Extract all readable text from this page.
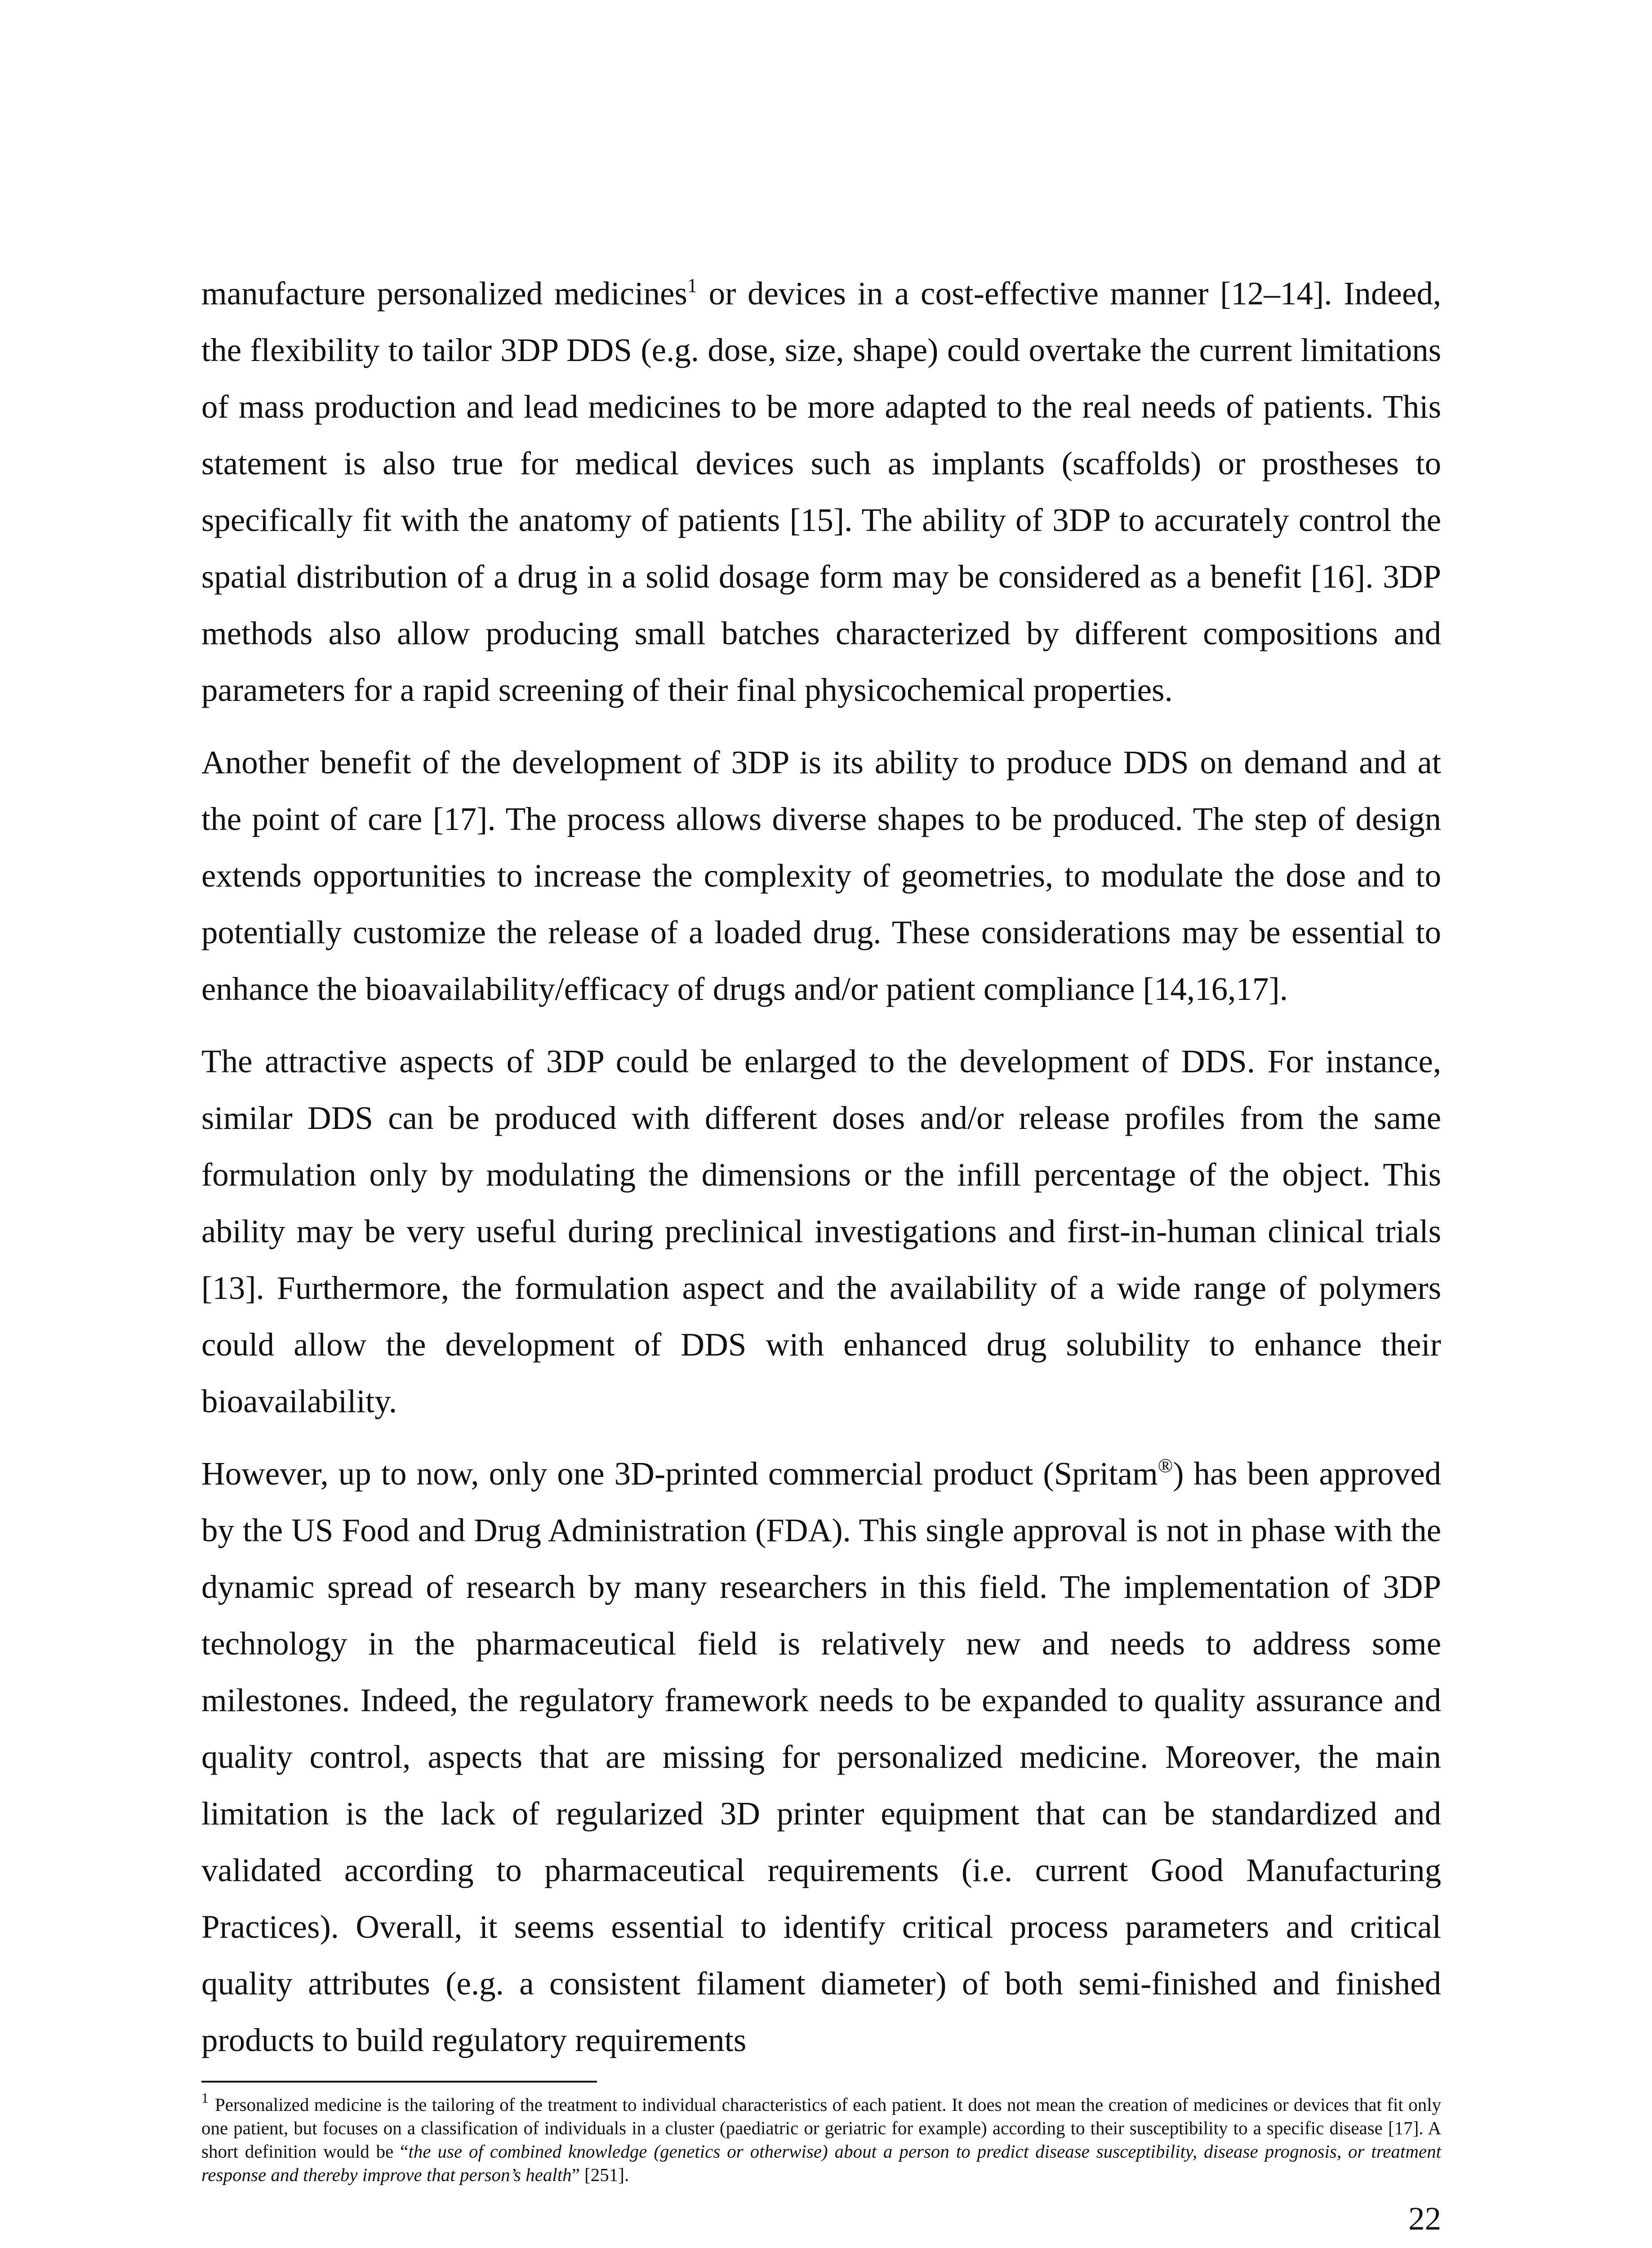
manufacture personalized medicines$^1$ or devices in a cost-effective manner [12–14]. Indeed, the flexibility to tailor 3DP DDS (e.g. dose, size, shape) could overtake the current limitations of mass production and lead medicines to be more adapted to the real needs of patients. This statement is also true for medical devices such as implants (scaffolds) or prostheses to specifically fit with the anatomy of patients [15]. The ability of 3DP to accurately control the spatial distribution of a drug in a solid dosage form may be considered as a benefit [16]. 3DP methods also allow producing small batches characterized by different compositions and parameters for a rapid screening of their final physicochemical properties.

Another benefit of the development of 3DP is its ability to produce DDS on demand and at the point of care [17]. The process allows diverse shapes to be produced. The step of design extends opportunities to increase the complexity of geometries, to modulate the dose and to potentially customize the release of a loaded drug. These considerations may be essential to enhance the bioavailability/efficacy of drugs and/or patient compliance [14,16,17].

The attractive aspects of 3DP could be enlarged to the development of DDS. For instance, similar DDS can be produced with different doses and/or release profiles from the same formulation only by modulating the dimensions or the infill percentage of the object. This ability may be very useful during preclinical investigations and first-in-human clinical trials [13]. Furthermore, the formulation aspect and the availability of a wide range of polymers could allow the development of DDS with enhanced drug solubility to enhance their bioavailability.

However, up to now, only one 3D-printed commercial product (Spritam®) has been approved by the US Food and Drug Administration (FDA). This single approval is not in phase with the dynamic spread of research by many researchers in this field. The implementation of 3DP technology in the pharmaceutical field is relatively new and needs to address some milestones. Indeed, the regulatory framework needs to be expanded to quality assurance and quality control, aspects that are missing for personalized medicine. Moreover, the main limitation is the lack of regularized 3D printer equipment that can be standardized and validated according to pharmaceutical requirements (i.e. current Good Manufacturing Practices). Overall, it seems essential to identify critical process parameters and critical quality attributes (e.g. a consistent filament diameter) of both semi-finished and finished products to build regulatory requirements

$^1$ Personalized medicine is the tailoring of the treatment to individual characteristics of each patient. It does not mean the creation of medicines or devices that fit only one patient, but focuses on a classification of individuals in a cluster (paediatric or geriatric for example) according to their susceptibility to a specific disease [17]. A short definition would be “the use of combined knowledge (genetics or otherwise) about a person to predict disease susceptibility, disease prognosis, or treatment response and thereby improve that person’s health” [251].

22
